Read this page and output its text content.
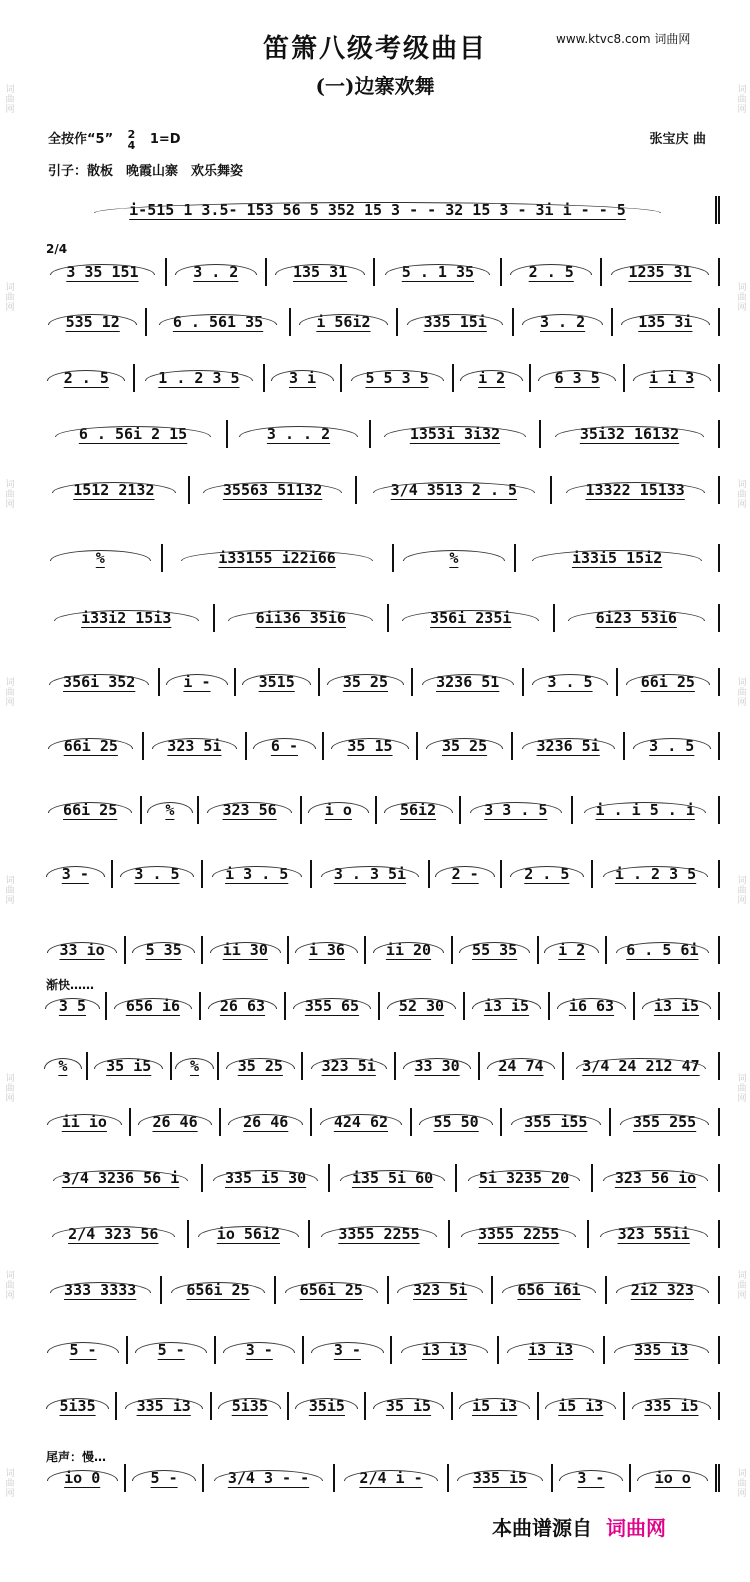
词曲网
词曲网
词曲网
词曲网
词曲网
词曲网
词曲网
词曲网
词曲网
词曲网
词曲网
词曲网
词曲网
词曲网
词曲网
词曲网
www.ktvc8.com 词曲网
笛箫八级考级曲目
(一)边寨欢舞
全按作“5” 2
4 1=D	张宝庆 曲
引子：散板　晚霞山寨　欢乐舞姿
i-515 1 3.5- 153 56 5 352 15 3 - - 32 15 3 - 3i i - - 5
2/4
3 35 151	3 . 2	135 31	5 . 1 35	2 . 5	1235 31
535 12	6 . 561 35	i 56i2	335 15i	3 . 2	135 3i
2 . 5	1 . 2 3 5	3 i	5 5 3 5	i 2	6 3 5	i i 3
6 . 56i 2 15	3 . . 2	1353i 3i32	35i32 16132
1512 2132	35563 51132	3/4 3513 2 . 5	13322 15133
%	i33155 i22i66	%	i33i5 15i2
i33i2 15i3	6ii36 35i6	356i 235i	6i23 53i6
356i 352	i -	3515	35 25	3236 51	3 . 5	66i 25
66i 25	323 5i	6 -	35 15	35 25	3236 5i	3 . 5
66i 25	%	323 56	i o	56i2	3 3 . 5	i . i 5 . i
3 -	3 . 5	i 3 . 5	3 . 3 5i	2 -	2 . 5	i . 2 3 5
33 io	5 35	ii 30	i 36	ii 20	55 35	i 2	6 . 5 6i
渐快……
3 5	656 i6	26 63	355 65	52 30	i3 i5	i6 63	i3 i5
%	35 i5	%	35 25	323 5i	33 30	24 74	3/4 24 212 47
ii io	26 46	26 46	424 62	55 50	355 i55	355 255
3/4 3236 56 i	335 i5 30	i35 5i 60	5i 3235 20	323 56 io
2/4 323 56	io 56i2	3355 2255	3355 2255	323 55ii
333 3333	656i 25	656i 25	323 5i	656 i6i	2i2 323
5 -	5 -	3 -	3 -	i3 i3	i3 i3	335 i3
5i35	335 i3	5i35	35i5	35 i5	i5 i3	i5 i3	335 i5
尾声：慢…
io 0	5 -	3/4 3 - -	2/4 i -	335 i5	3 -	io o
本曲谱源自 词曲网
